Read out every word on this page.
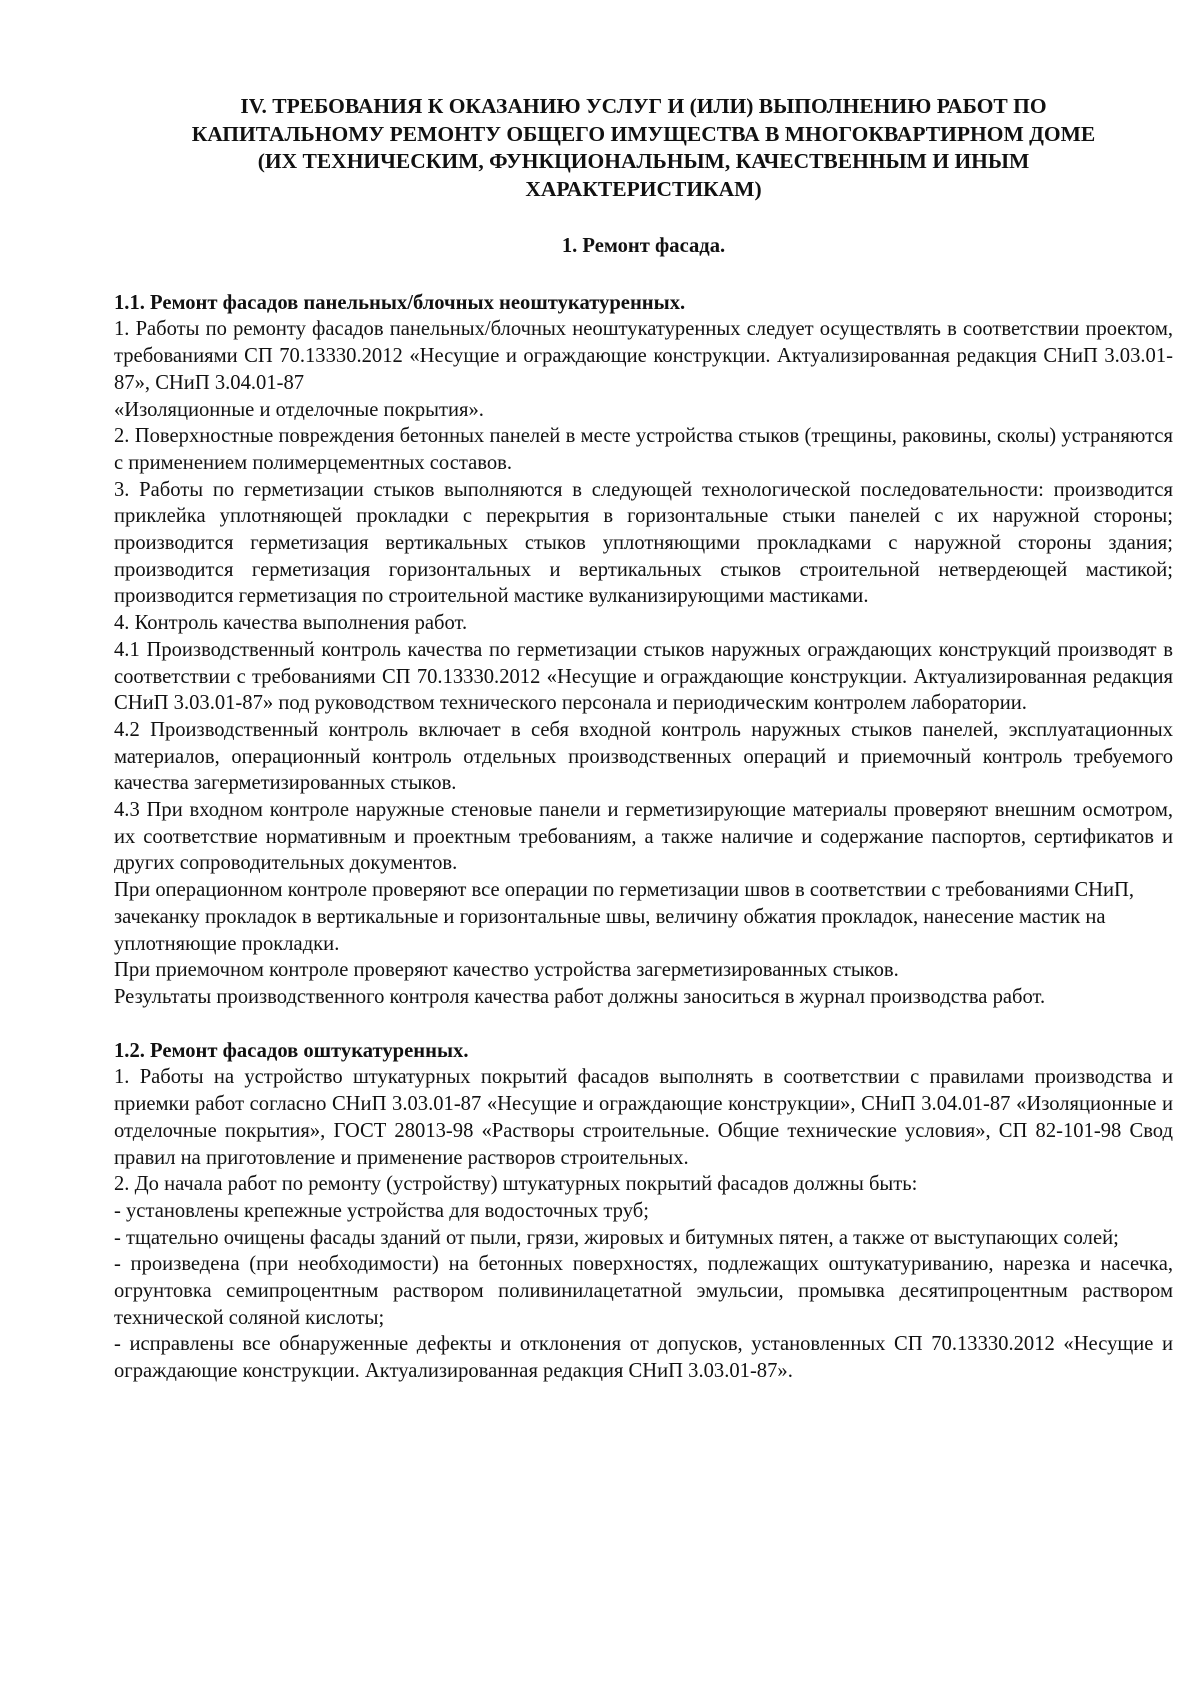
IV. ТРЕБОВАНИЯ К ОКАЗАНИЮ УСЛУГ И (ИЛИ) ВЫПОЛНЕНИЮ РАБОТ ПО
КАПИТАЛЬНОМУ РЕМОНТУ ОБЩЕГО ИМУЩЕСТВА В МНОГОКВАРТИРНОМ ДОМЕ
(ИХ ТЕХНИЧЕСКИМ, ФУНКЦИОНАЛЬНЫМ, КАЧЕСТВЕННЫМ И ИНЫМ
ХАРАКТЕРИСТИКАМ)

1. Ремонт фасада.

1.1. Ремонт фасадов панельных/блочных неоштукатуренных.

1. Работы по ремонту фасадов панельных/блочных неоштукатуренных следует осуществлять в соответствии проектом, требованиями СП 70.13330.2012 «Несущие и ограждающие конструкции. Актуализированная редакция СНиП 3.03.01-87», СНиП 3.04.01-87

«Изоляционные и отделочные покрытия».

2. Поверхностные повреждения бетонных панелей в месте устройства стыков (трещины, раковины, сколы) устраняются с применением полимерцементных составов.

3. Работы по герметизации стыков выполняются в следующей технологической последовательности: производится приклейка уплотняющей прокладки с перекрытия в горизонтальные стыки панелей с их наружной стороны; производится герметизация вертикальных стыков уплотняющими прокладками с наружной стороны здания; производится герметизация горизонтальных и вертикальных стыков строительной нетвердеющей мастикой; производится герметизация по строительной мастике вулканизирующими мастиками.

4. Контроль качества выполнения работ.

4.1 Производственный контроль качества по герметизации стыков наружных ограждающих конструкций производят в соответствии с требованиями СП 70.13330.2012 «Несущие и ограждающие конструкции. Актуализированная редакция СНиП 3.03.01-87» под руководством технического персонала и периодическим контролем лаборатории.

4.2 Производственный контроль включает в себя входной контроль наружных стыков панелей, эксплуатационных материалов, операционный контроль отдельных производственных операций и приемочный контроль требуемого качества загерметизированных стыков.

4.3 При входном контроле наружные стеновые панели и герметизирующие материалы проверяют внешним осмотром, их соответствие нормативным и проектным требованиям, а также наличие и содержание паспортов, сертификатов и других сопроводительных документов.

При операционном контроле проверяют все операции по герметизации швов в соответствии с требованиями СНиП, зачеканку прокладок в вертикальные и горизонтальные швы, величину обжатия прокладок, нанесение мастик на уплотняющие прокладки.

При приемочном контроле проверяют качество устройства загерметизированных стыков.

Результаты производственного контроля качества работ должны заноситься в журнал производства работ.

1.2. Ремонт фасадов оштукатуренных.

1. Работы на устройство штукатурных покрытий фасадов выполнять в соответствии с правилами производства и приемки работ согласно СНиП 3.03.01-87 «Несущие и ограждающие конструкции», СНиП 3.04.01-87 «Изоляционные и отделочные покрытия», ГОСТ 28013-98 «Растворы строительные. Общие технические условия», СП 82-101-98 Свод правил на приготовление и применение растворов строительных.

2. До начала работ по ремонту (устройству) штукатурных покрытий фасадов должны быть:

- установлены крепежные устройства для водосточных труб;

- тщательно очищены фасады зданий от пыли, грязи, жировых и битумных пятен, а также от выступающих солей;

- произведена (при необходимости) на бетонных поверхностях, подлежащих оштукатуриванию, нарезка и насечка, огрунтовка семипроцентным раствором поливинилацетатной эмульсии, промывка десятипроцентным раствором технической соляной кислоты;

- исправлены все обнаруженные дефекты и отклонения от допусков, установленных СП 70.13330.2012 «Несущие и ограждающие конструкции. Актуализированная редакция СНиП 3.03.01-87».
